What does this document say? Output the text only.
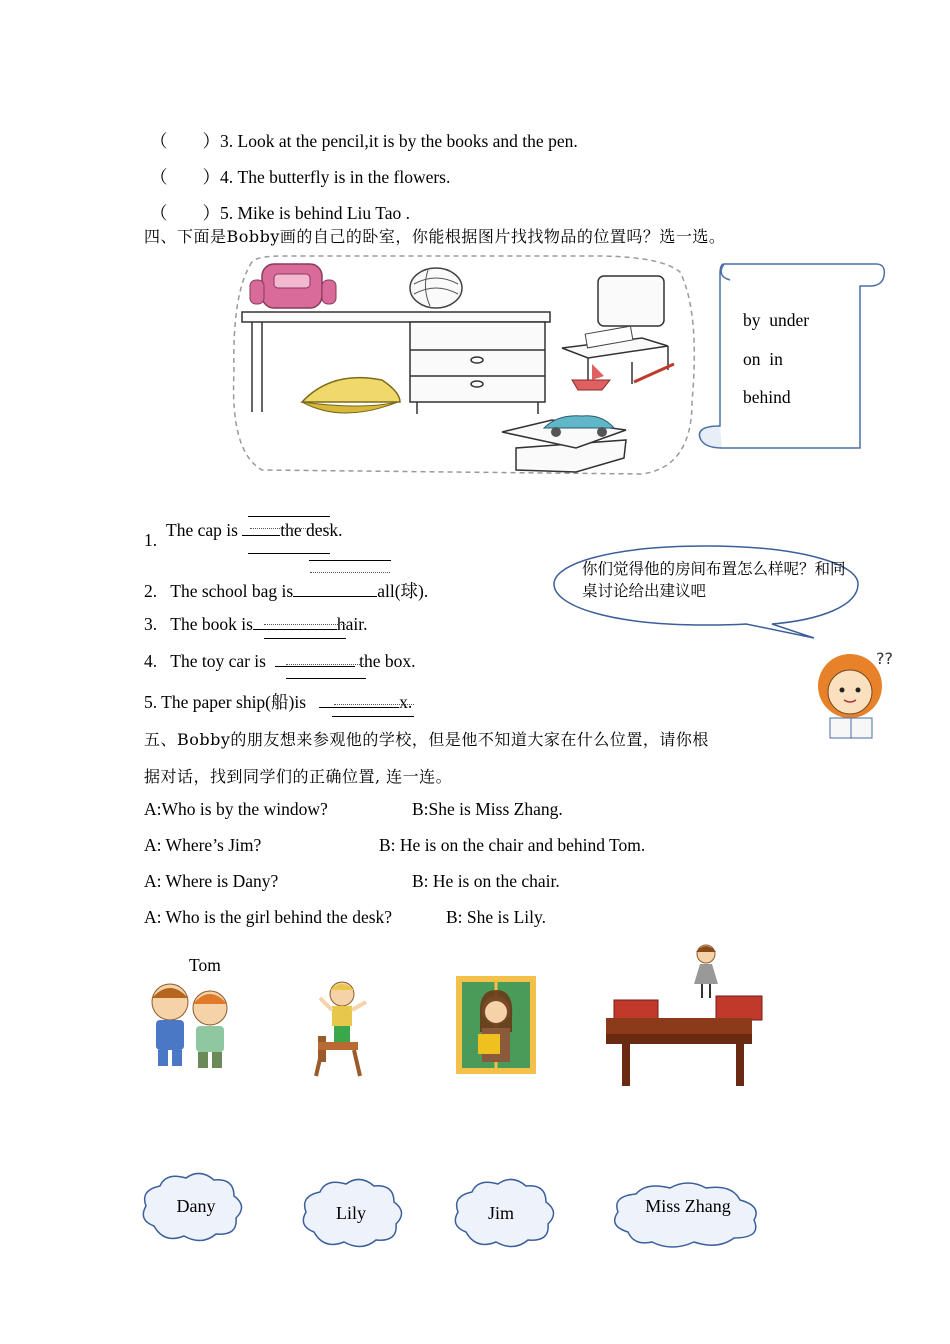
（　　）3. Look at the pencil,it is by the books and the pen.
（　　）4. The butterfly is in the flowers.
（　　）5. Mike is behind Liu Tao .
四、下面是Bobby画的自己的卧室，你能根据图片找找物品的位置吗？选一选。
by  under
on  in
behind
1. The cap is the desk.
2. The school bag is	all(球).
3. The book is	hair.
4. The toy car is	the box.
5. The paper ship(船)is	x.
你们觉得他的房间布置怎么样呢？和同桌讨论给出建议吧
??
五、Bobby的朋友想来参观他的学校，但是他不知道大家在什么位置，请你根
据对话，找到同学们的正确位置, 连一连。
A:Who is by the window?	B:She is Miss Zhang.
A: Where’s Jim?	B: He is on the chair and behind Tom.
A: Where is Dany?	B: He is on the chair.
A: Who is the girl behind the desk?	B: She is Lily.
Tom
Dany	Lily	Jim	Miss Zhang
